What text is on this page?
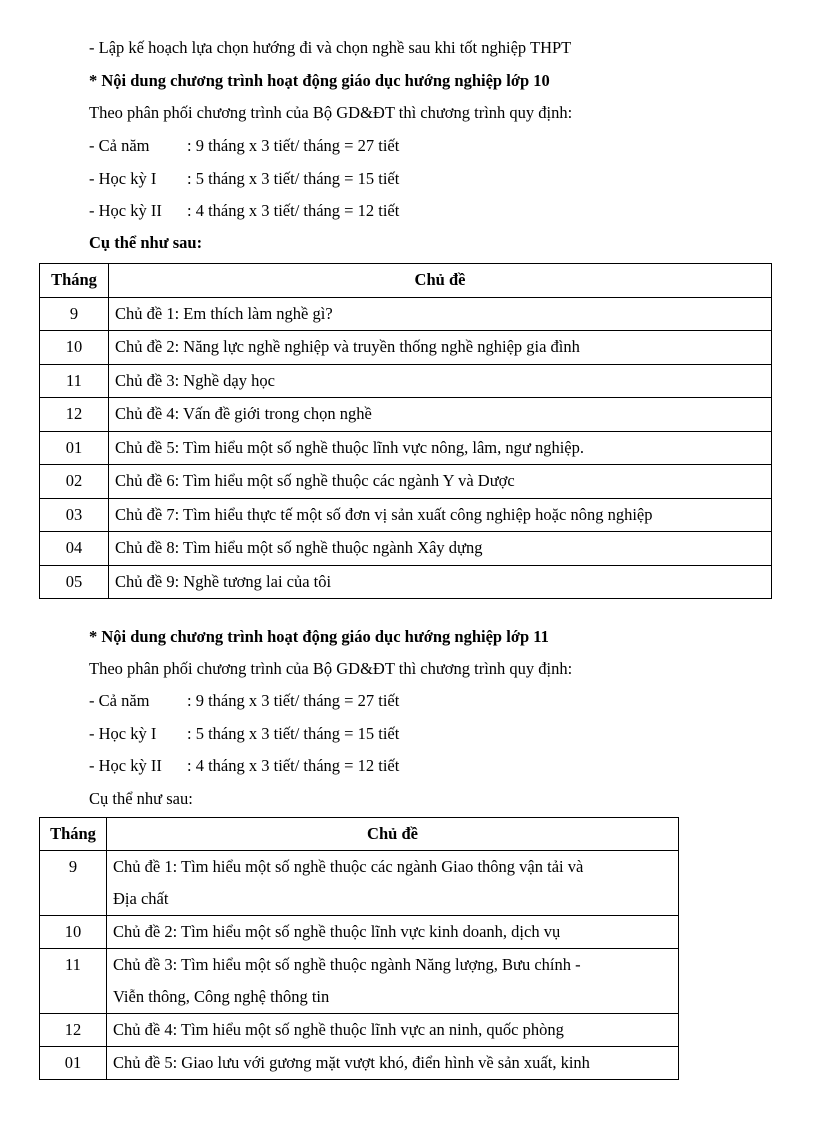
- Lập kế hoạch lựa chọn hướng đi và chọn nghề sau khi tốt nghiệp THPT
* Nội dung chương trình hoạt động giáo dục hướng nghiệp lớp 10
Theo phân phối chương trình của Bộ GD&ĐT thì chương trình quy định:
- Cả năm : 9 tháng x 3 tiết/ tháng = 27 tiết
- Học kỳ I : 5 tháng x 3 tiết/ tháng = 15 tiết
- Học kỳ II : 4 tháng x 3 tiết/ tháng = 12 tiết
Cụ thể như sau:
Tháng	Chủ đề
9	Chủ đề 1: Em thích làm nghề gì?
10	Chủ đề 2: Năng lực nghề nghiệp và truyền thống nghề nghiệp gia đình
11	Chủ đề 3: Nghề dạy học
12	Chủ đề 4: Vấn đề giới trong chọn nghề
01	Chủ đề 5: Tìm hiểu một số nghề thuộc lĩnh vực nông, lâm, ngư nghiệp.
02	Chủ đề 6: Tìm hiểu một số nghề thuộc các ngành Y và Dược
03	Chủ đề 7: Tìm hiểu thực tế một số đơn vị sản xuất công nghiệp hoặc nông nghiệp
04	Chủ đề 8: Tìm hiểu một số nghề thuộc ngành Xây dựng
05	Chủ đề 9: Nghề tương lai của tôi
* Nội dung chương trình hoạt động giáo dục hướng nghiệp lớp 11
Theo phân phối chương trình của Bộ GD&ĐT thì chương trình quy định:
- Cả năm : 9 tháng x 3 tiết/ tháng = 27 tiết
- Học kỳ I : 5 tháng x 3 tiết/ tháng = 15 tiết
- Học kỳ II : 4 tháng x 3 tiết/ tháng = 12 tiết
Cụ thể như sau:
Tháng	Chủ đề
9	Chủ đề 1: Tìm hiểu một số nghề thuộc các ngành Giao thông vận tải và
Địa chất

10	Chủ đề 2: Tìm hiểu một số nghề thuộc lĩnh vực kinh doanh, dịch vụ

11	Chủ đề 3: Tìm hiểu một số nghề thuộc ngành Năng lượng, Bưu chính -
Viễn thông, Công nghệ thông tin

12	Chủ đề 4: Tìm hiểu một số nghề thuộc lĩnh vực an ninh, quốc phòng

01	Chủ đề 5: Giao lưu với gương mặt vượt khó, điển hình về sản xuất, kinh
